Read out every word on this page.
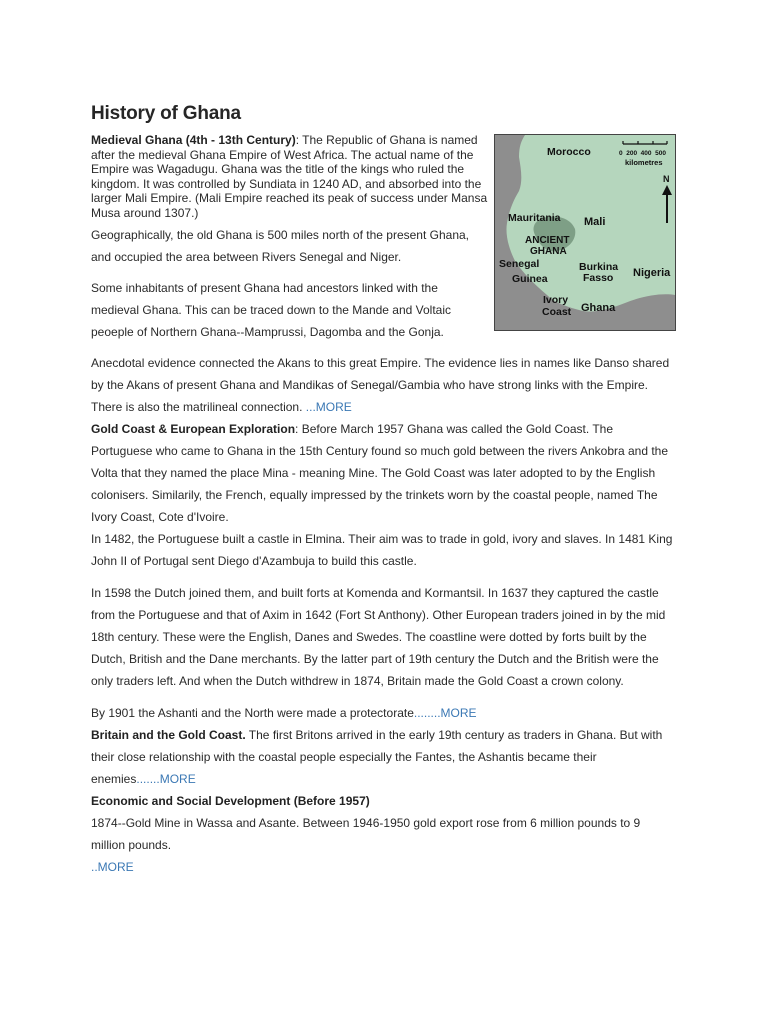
History of Ghana
Morocco	0  200  400  500
kilometres
N
Mauritania Mali
ANCIENT
GHANA
Senegal
Guinea
Burkina
Fasso Nigeria
Ivory
Coast Ghana

Medieval Ghana (4th - 13th Century): The Republic of Ghana is named after the medieval Ghana Empire of West Africa. The actual name of the Empire was Wagadugu. Ghana was the title of the kings who ruled the kingdom. It was controlled by Sundiata in 1240 AD, and absorbed into the larger Mali Empire. (Mali Empire reached its peak of success under Mansa Musa around 1307.)

Geographically, the old Ghana is 500 miles north of the present Ghana, and occupied the area between Rivers Senegal and Niger.

Some inhabitants of present Ghana had ancestors linked with the medieval Ghana. This can be traced down to the Mande and Voltaic peoeple of Northern Ghana--Mamprussi, Dagomba and the Gonja.

Anecdotal evidence connected the Akans to this great Empire. The evidence lies in names like Danso shared by the Akans of present Ghana and Mandikas of Senegal/Gambia who have strong links with the Empire. There is also the matrilineal connection. ...MORE

Gold Coast & European Exploration: Before March 1957 Ghana was called the Gold Coast. The Portuguese who came to Ghana in the 15th Century found so much gold between the rivers Ankobra and the Volta that they named the place Mina - meaning Mine. The Gold Coast was later adopted to by the English colonisers. Similarily, the French, equally impressed by the trinkets worn by the coastal people, named The Ivory Coast, Cote d'Ivoire.

In 1482, the Portuguese built a castle in Elmina. Their aim was to trade in gold, ivory and slaves. In 1481 King John II of Portugal sent Diego d'Azambuja to build this castle.

In 1598 the Dutch joined them, and built forts at Komenda and Kormantsil. In 1637 they captured the castle from the Portuguese and that of Axim in 1642 (Fort St Anthony). Other European traders joined in by the mid 18th century. These were the English, Danes and Swedes. The coastline were dotted by forts built by the Dutch, British and the Dane merchants. By the latter part of 19th century the Dutch and the British were the only traders left. And when the Dutch withdrew in 1874, Britain made the Gold Coast a crown colony.

By 1901 the Ashanti and the North were made a protectorate........MORE

Britain and the Gold Coast. The first Britons arrived in the early 19th century as traders in Ghana. But with their close relationship with the coastal people especially the Fantes, the Ashantis became their enemies.......MORE

Economic and Social Development (Before 1957)

1874--Gold Mine in Wassa and Asante. Between 1946-1950 gold export rose from 6 million pounds to 9 million pounds.

..MORE
